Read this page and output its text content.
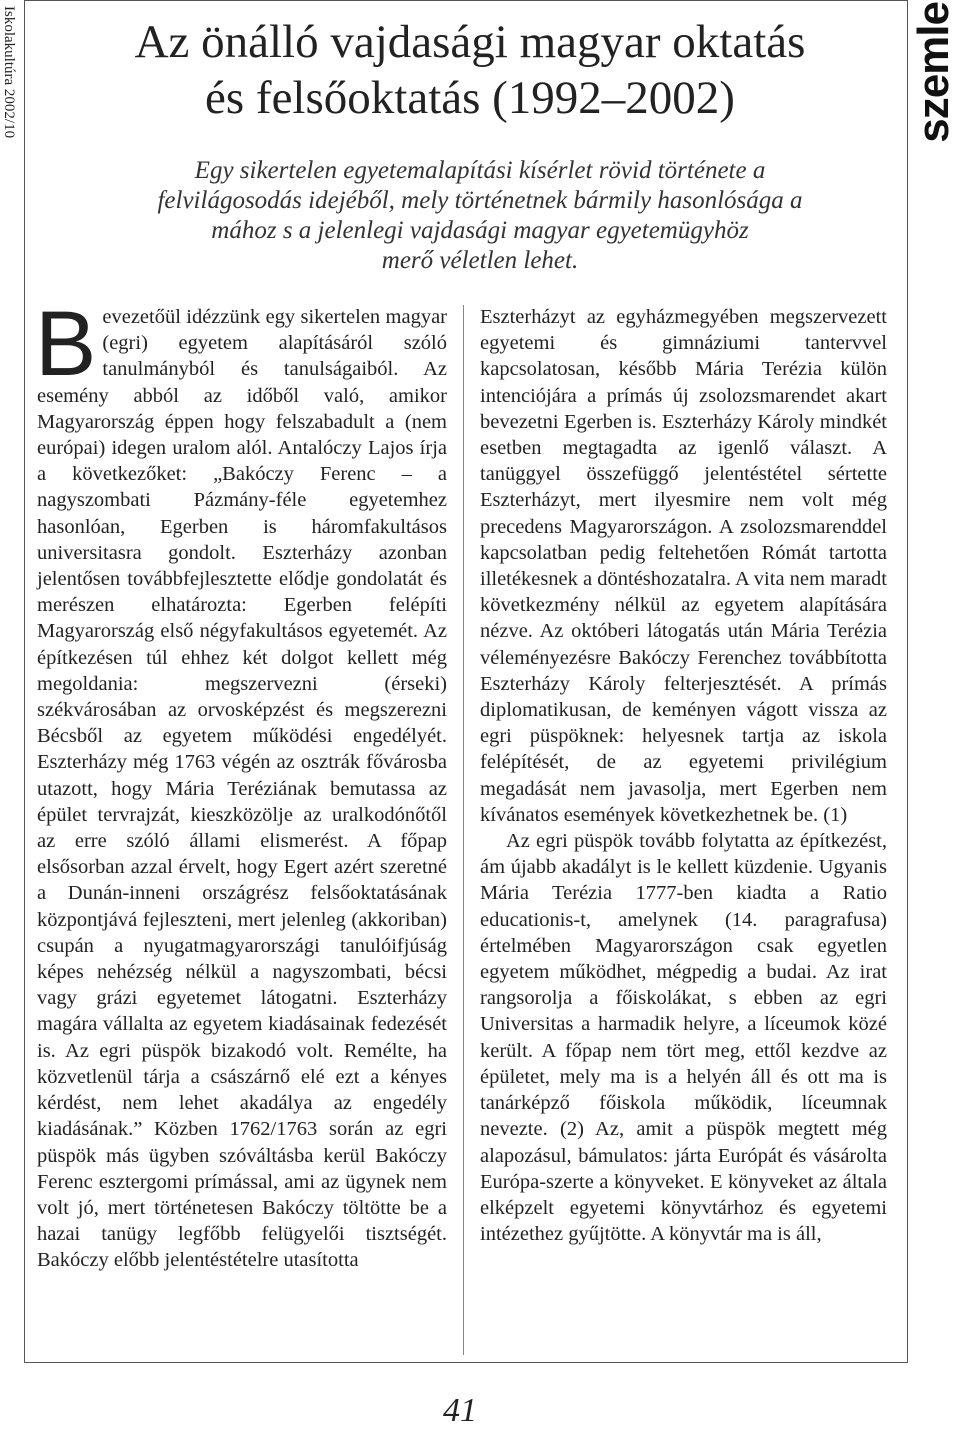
Iskolakultúra 2002/10	szemle
Az önálló vajdasági magyar oktatás
és felsőoktatás (1992–2002)

Egy sikertelen egyetemalapítási kísérlet rövid története a
felvilágosodás idejéből, mely történetnek bármily hasonlósága a
mához s a jelenlegi vajdasági magyar egyetemügyhöz
merő véletlen lehet.

Bevezetőül idézzünk egy sikertelen magyar (egri) egyetem alapításáról szóló tanulmányból és tanulságaiból. Az esemény abból az időből való, amikor Magyarország éppen hogy felszabadult a (nem európai) idegen uralom alól. Antalóczy Lajos írja a következőket: „Bakóczy Ferenc – a nagyszombati Pázmány-féle egyetemhez hasonlóan, Egerben is háromfakultásos universitasra gondolt. Eszterházy azonban jelentősen továbbfejlesztette elődje gondolatát és merészen elhatározta: Egerben felépíti Magyarország első négyfakultásos egyetemét. Az építkezésen túl ehhez két dolgot kellett még megoldania: megszervezni (érseki) székvárosában az orvosképzést és megszerezni Bécsből az egyetem működési engedélyét. Eszterházy még 1763 végén az osztrák fővárosba utazott, hogy Mária Teréziának bemutassa az épület tervrajzát, kieszközölje az uralkodónőtől az erre szóló állami elismerést. A főpap elsősorban azzal érvelt, hogy Egert azért szeretné a Dunán-inneni országrész felsőoktatásának központjává fejleszteni, mert jelenleg (akkoriban) csupán a nyugatmagyarországi tanulóifjúság képes nehézség nélkül a nagyszombati, bécsi vagy grázi egyetemet látogatni. Eszterházy magára vállalta az egyetem kiadásainak fedezését is. Az egri püspök bizakodó volt. Remélte, ha közvetlenül tárja a császárnő elé ezt a kényes kérdést, nem lehet akadálya az engedély kiadásának.” Közben 1762/1763 során az egri püspök más ügyben szóváltásba kerül Bakóczy Ferenc esztergomi prímással, ami az ügynek nem volt jó, mert történetesen Bakóczy töltötte be a hazai tanügy legfőbb felügyelői tisztségét. Bakóczy előbb jelentéstételre utasította

Eszterházyt az egyházmegyében megszervezett egyetemi és gimnáziumi tantervvel kapcsolatosan, később Mária Terézia külön intenciójára a prímás új zsolozsmarendet akart bevezetni Egerben is. Eszterházy Károly mindkét esetben megtagadta az igenlő választ. A tanüggyel összefüggő jelentéstétel sértette Eszterházyt, mert ilyesmire nem volt még precedens Magyarországon. A zsolozsmarenddel kapcsolatban pedig feltehetően Rómát tartotta illetékesnek a döntéshozatalra. A vita nem maradt következmény nélkül az egyetem alapítására nézve. Az októberi látogatás után Mária Terézia véleményezésre Bakóczy Ferenchez továbbította Eszterházy Károly felterjesztését. A prímás diplomatikusan, de keményen vágott vissza az egri püspöknek: helyesnek tartja az iskola felépítését, de az egyetemi privilégium megadását nem javasolja, mert Egerben nem kívánatos események következhetnek be. (1)

Az egri püspök tovább folytatta az építkezést, ám újabb akadályt is le kellett küzdenie. Ugyanis Mária Terézia 1777-ben kiadta a Ratio educationis-t, amelynek (14. paragrafusa) értelmében Magyarországon csak egyetlen egyetem működhet, mégpedig a budai. Az irat rangsorolja a főiskolákat, s ebben az egri Universitas a harmadik helyre, a líceumok közé került. A főpap nem tört meg, ettől kezdve az épületet, mely ma is a helyén áll és ott ma is tanárképző főiskola működik, líceumnak nevezte. (2) Az, amit a püspök megtett még alapozásul, bámulatos: járta Európát és vásárolta Európa-szerte a könyveket. E könyveket az általa elképzelt egyetemi könyvtárhoz és egyetemi intézethez gyűjtötte. A könyvtár ma is áll,

41
